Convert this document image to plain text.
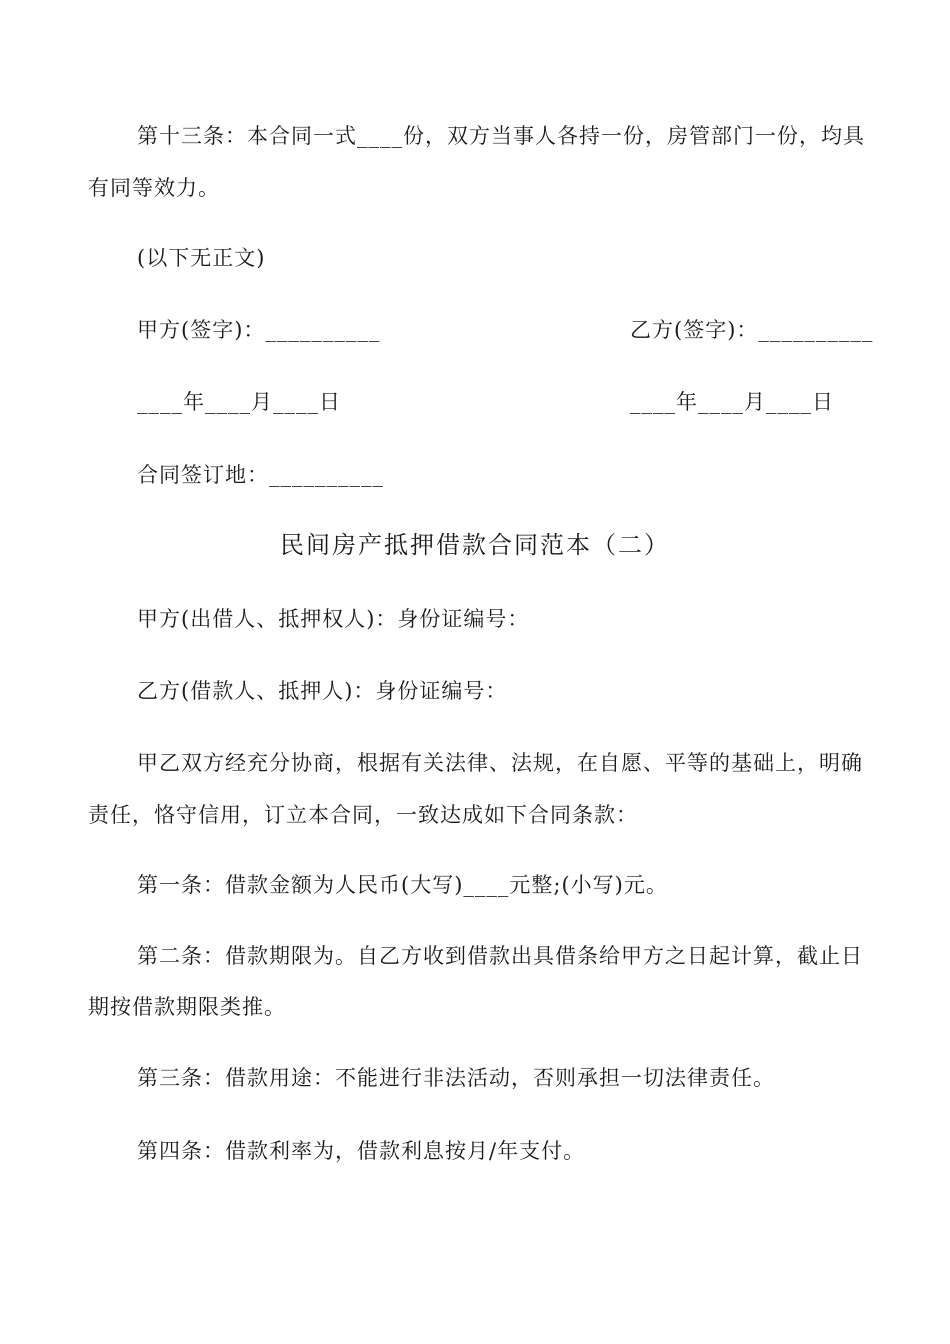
第十三条：本合同一式____份，双方当事人各持一份，房管部门一份，均具
有同等效力。
(以下无正文)
甲方(签字)：__________	乙方(签字)：__________
____年____月____日	____年____月____日
合同签订地：__________
民间房产抵押借款合同范本（二）
甲方(出借人、抵押权人)：身份证编号：
乙方(借款人、抵押人)：身份证编号：
甲乙双方经充分协商，根据有关法律、法规，在自愿、平等的基础上，明确
责任，恪守信用，订立本合同，一致达成如下合同条款：
第一条：借款金额为人民币(大写)____元整;(小写)元。
第二条：借款期限为。自乙方收到借款出具借条给甲方之日起计算，截止日
期按借款期限类推。
第三条：借款用途：不能进行非法活动，否则承担一切法律责任。
第四条：借款利率为，借款利息按月/年支付。
